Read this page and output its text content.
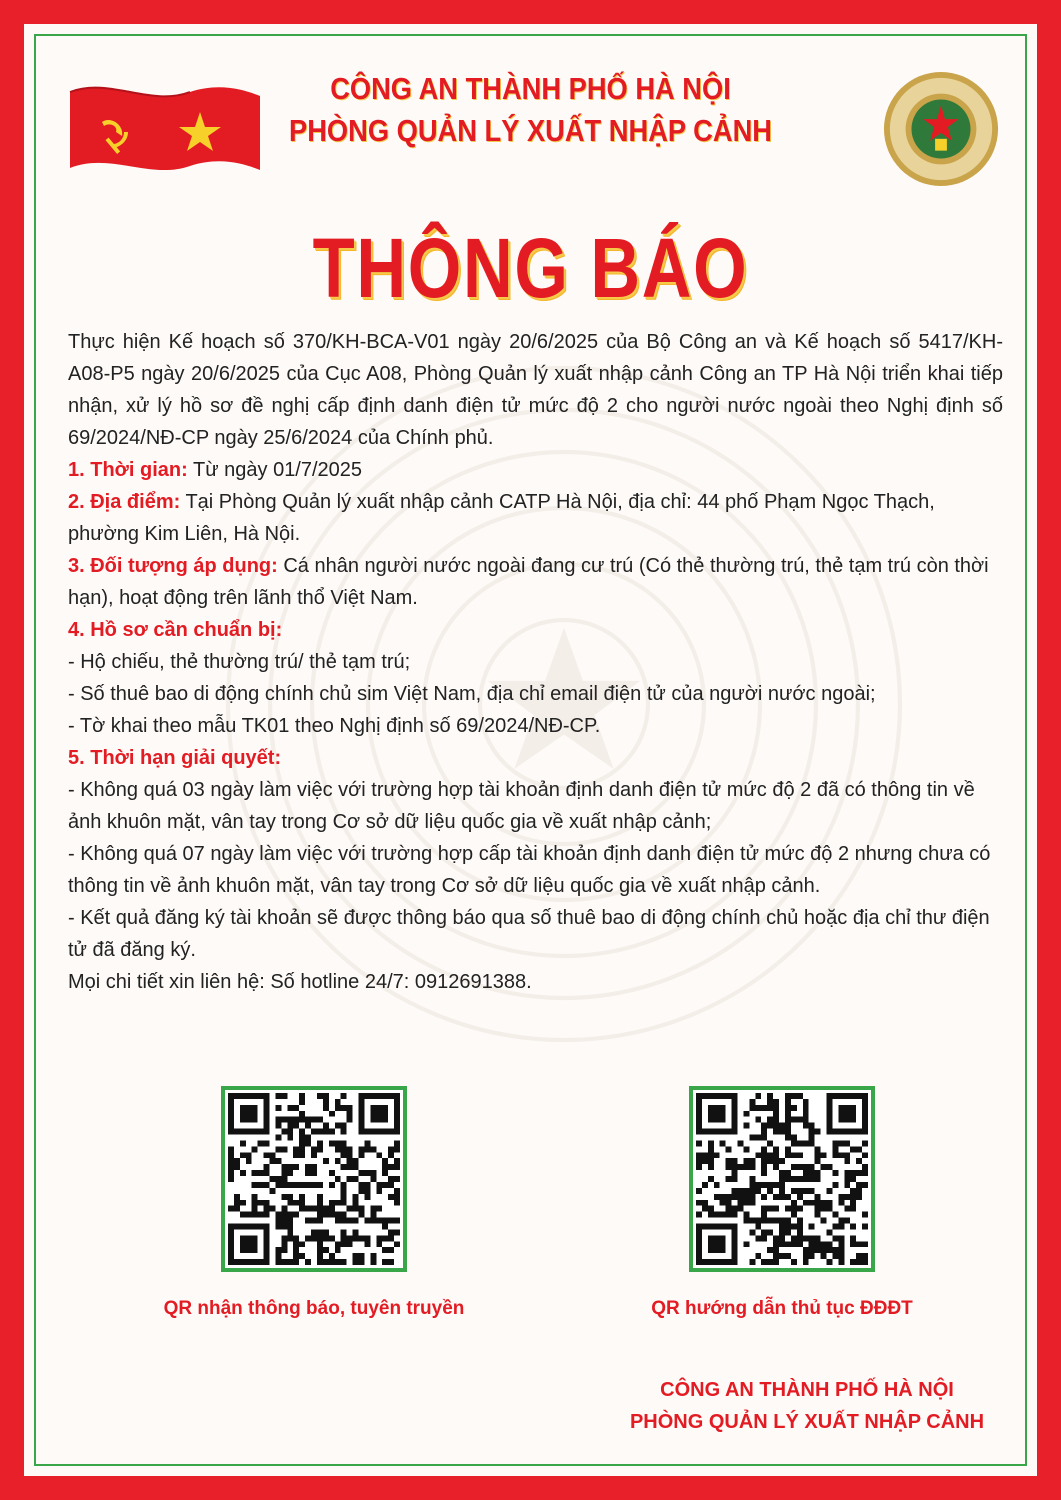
CÔNG AN THÀNH PHỐ HÀ NỘI
PHÒNG QUẢN LÝ XUẤT NHẬP CẢNH
THÔNG BÁO

Thực hiện Kế hoạch số 370/KH-BCA-V01 ngày 20/6/2025 của Bộ Công an và Kế hoạch số 5417/KH-A08-P5 ngày 20/6/2025 của Cục A08, Phòng Quản lý xuất nhập cảnh Công an TP Hà Nội triển khai tiếp nhận, xử lý hồ sơ đề nghị cấp định danh điện tử mức độ 2 cho người nước ngoài theo Nghị định số 69/2024/NĐ-CP ngày 25/6/2024 của Chính phủ.

1. Thời gian: Từ ngày 01/7/2025

2. Địa điểm: Tại Phòng Quản lý xuất nhập cảnh CATP Hà Nội, địa chỉ: 44 phố Phạm Ngọc Thạch, phường Kim Liên, Hà Nội.

3. Đối tượng áp dụng: Cá nhân người nước ngoài đang cư trú (Có thẻ thường trú, thẻ tạm trú còn thời hạn), hoạt động trên lãnh thổ Việt Nam.

4. Hồ sơ cần chuẩn bị:

- Hộ chiếu, thẻ thường trú/ thẻ tạm trú;

- Số thuê bao di động chính chủ sim Việt Nam, địa chỉ email điện tử của người nước ngoài;

- Tờ khai theo mẫu TK01 theo Nghị định số 69/2024/NĐ-CP.

5. Thời hạn giải quyết:

- Không quá 03 ngày làm việc với trường hợp tài khoản định danh điện tử mức độ 2 đã có thông tin về ảnh khuôn mặt, vân tay trong Cơ sở dữ liệu quốc gia về xuất nhập cảnh;

- Không quá 07 ngày làm việc với trường hợp cấp tài khoản định danh điện tử mức độ 2 nhưng chưa có thông tin về ảnh khuôn mặt, vân tay trong Cơ sở dữ liệu quốc gia về xuất nhập cảnh.

- Kết quả đăng ký tài khoản sẽ được thông báo qua số thuê bao di động chính chủ hoặc địa chỉ thư điện tử đã đăng ký.

Mọi chi tiết xin liên hệ: Số hotline 24/7: 0912691388.

QR nhận thông báo, tuyên truyền	QR hướng dẫn thủ tục ĐĐĐT
CÔNG AN THÀNH PHỐ HÀ NỘI
PHÒNG QUẢN LÝ XUẤT NHẬP CẢNH
